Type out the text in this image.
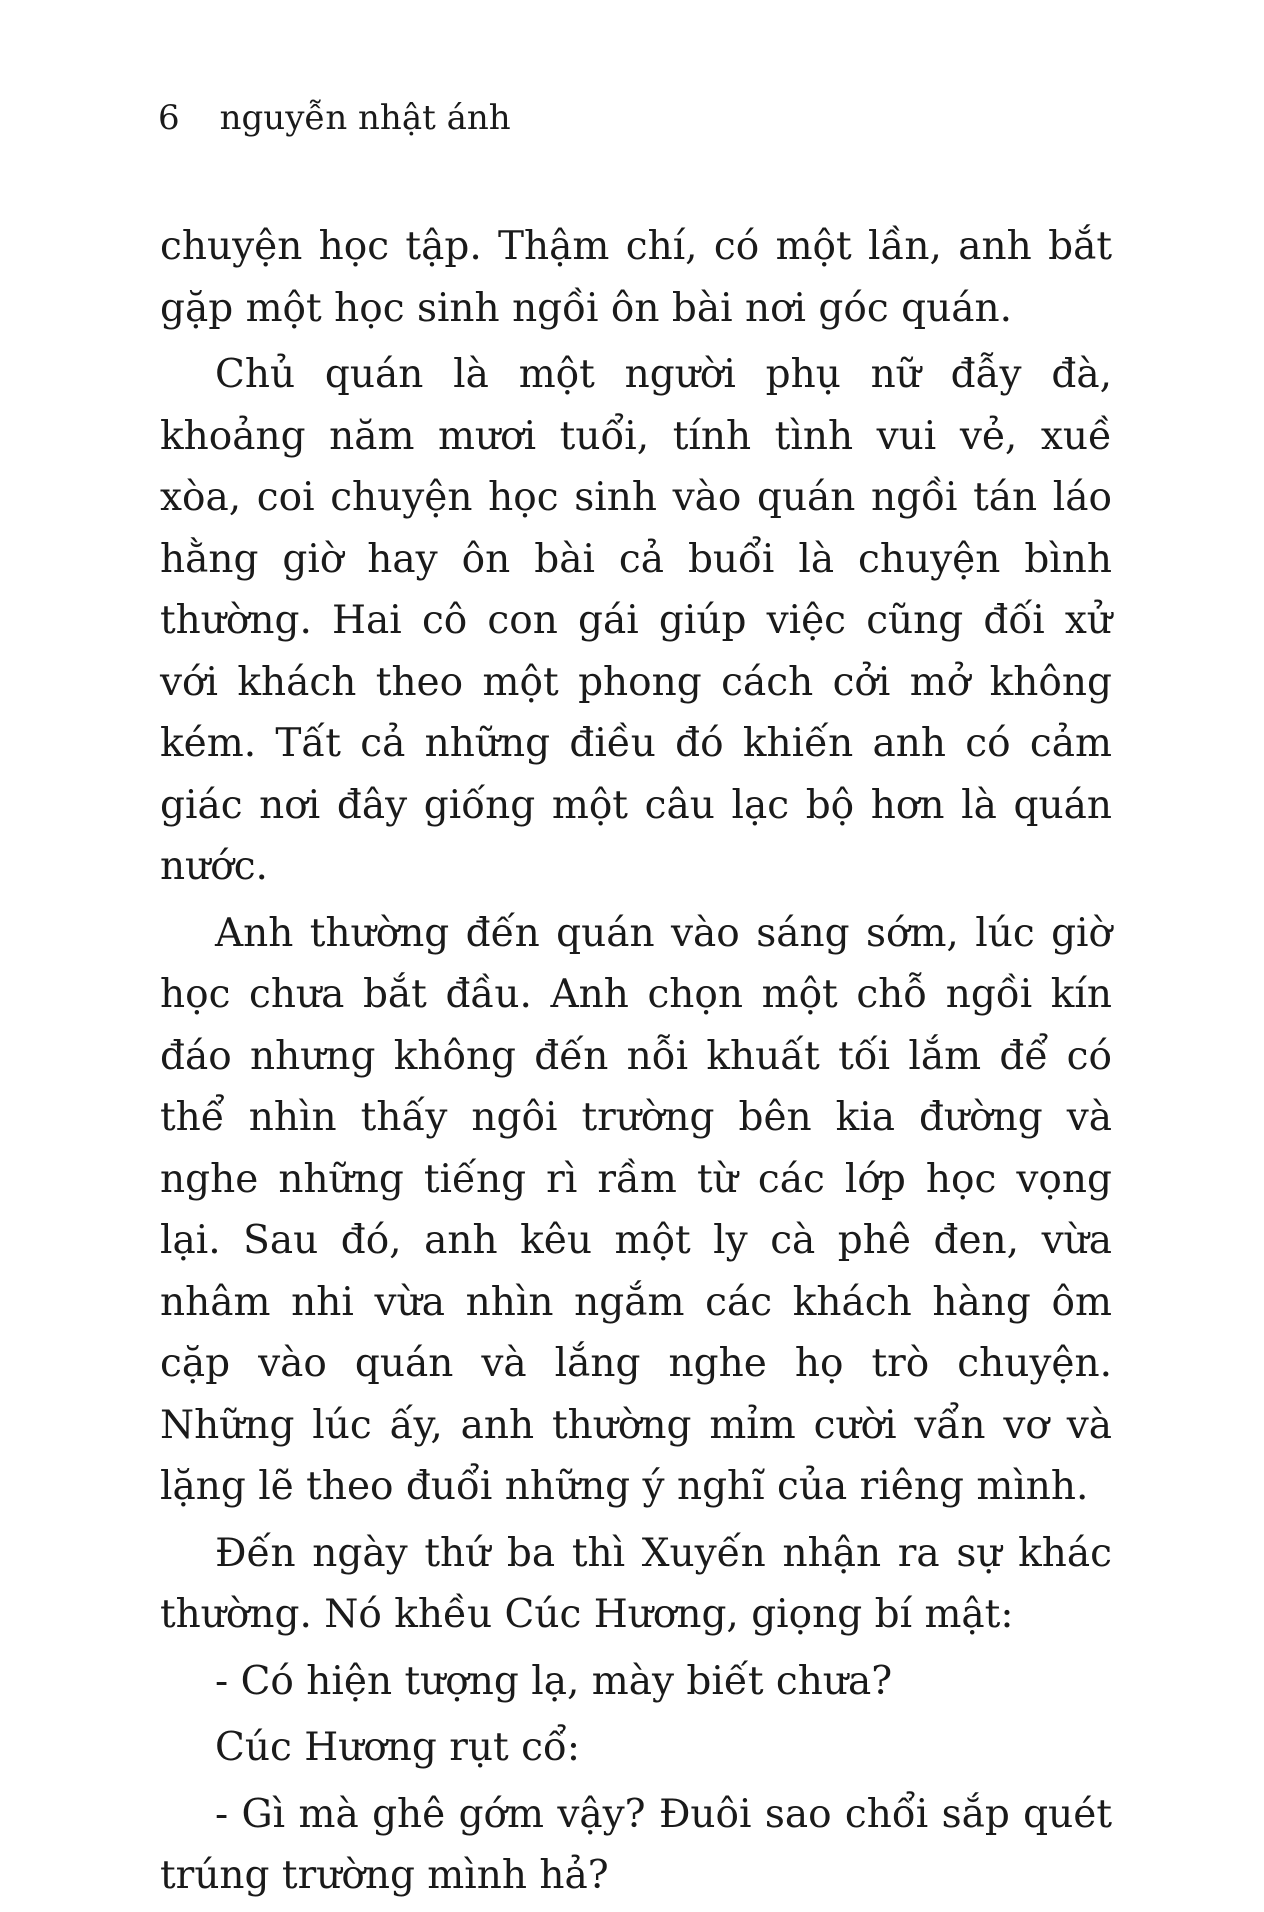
6 nguyễn nhật ánh

chuyện học tập. Thậm chí, có một lần, anh bắt gặp một học sinh ngồi ôn bài nơi góc quán.

Chủ quán là một người phụ nữ đẫy đà, khoảng năm mươi tuổi, tính tình vui vẻ, xuề xòa, coi chuyện học sinh vào quán ngồi tán láo hằng giờ hay ôn bài cả buổi là chuyện bình thường. Hai cô con gái giúp việc cũng đối xử với khách theo một phong cách cởi mở không kém. Tất cả những điều đó khiến anh có cảm giác nơi đây giống một câu lạc bộ hơn là quán nước.

Anh thường đến quán vào sáng sớm, lúc giờ học chưa bắt đầu. Anh chọn một chỗ ngồi kín đáo nhưng không đến nỗi khuất tối lắm để có thể nhìn thấy ngôi trường bên kia đường và nghe những tiếng rì rầm từ các lớp học vọng lại. Sau đó, anh kêu một ly cà phê đen, vừa nhâm nhi vừa nhìn ngắm các khách hàng ôm cặp vào quán và lắng nghe họ trò chuyện. Những lúc ấy, anh thường mỉm cười vẩn vơ và lặng lẽ theo đuổi những ý nghĩ của riêng mình.

Đến ngày thứ ba thì Xuyến nhận ra sự khác thường. Nó khều Cúc Hương, giọng bí mật:

- Có hiện tượng lạ, mày biết chưa?

Cúc Hương rụt cổ:

- Gì mà ghê gớm vậy? Đuôi sao chổi sắp quét trúng trường mình hả?
